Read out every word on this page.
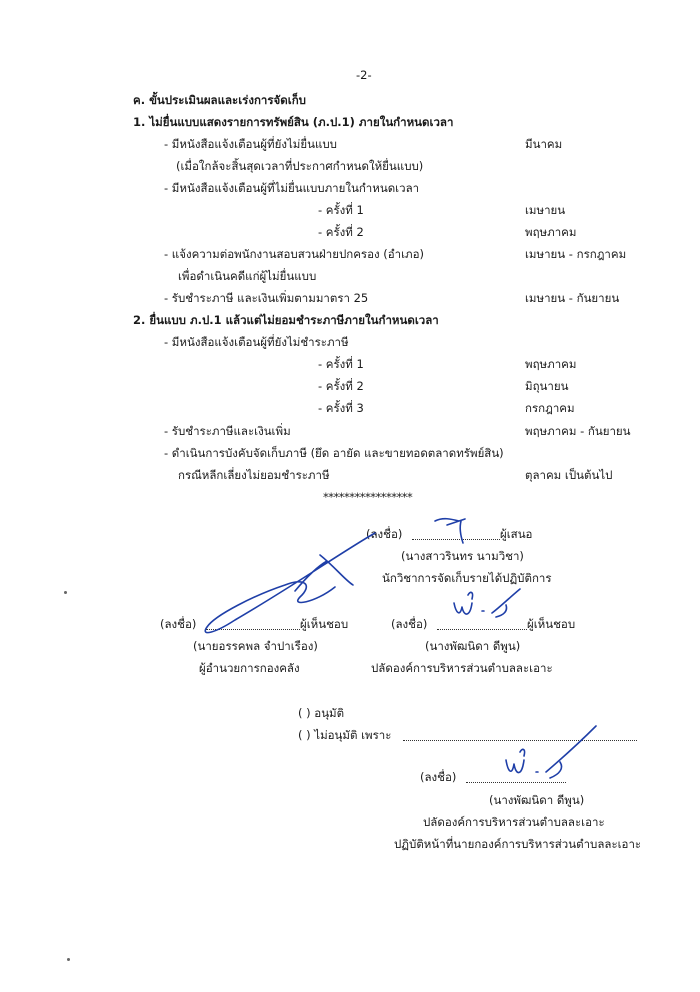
-2-
ค. ขั้นประเมินผลและเร่งการจัดเก็บ
1. ไม่ยื่นแบบแสดงรายการทรัพย์สิน (ภ.ป.1) ภายในกำหนดเวลา
- มีหนังสือแจ้งเตือนผู้ที่ยังไม่ยื่นแบบ	มีนาคม
(เมื่อใกล้จะสิ้นสุดเวลาที่ประกาศกำหนดให้ยื่นแบบ)
- มีหนังสือแจ้งเตือนผู้ที่ไม่ยื่นแบบภายในกำหนดเวลา
- ครั้งที่ 1	เมษายน
- ครั้งที่ 2	พฤษภาคม
- แจ้งความต่อพนักงานสอบสวนฝ่ายปกครอง (อำเภอ)	เมษายน - กรกฎาคม
เพื่อดำเนินคดีแก่ผู้ไม่ยื่นแบบ
- รับชำระภาษี และเงินเพิ่มตามมาตรา 25	เมษายน - กันยายน
2. ยื่นแบบ ภ.ป.1 แล้วแต่ไม่ยอมชำระภาษีภายในกำหนดเวลา
- มีหนังสือแจ้งเตือนผู้ที่ยังไม่ชำระภาษี
- ครั้งที่ 1	พฤษภาคม
- ครั้งที่ 2	มิถุนายน
- ครั้งที่ 3	กรกฎาคม
- รับชำระภาษีและเงินเพิ่ม	พฤษภาคม - กันยายน
- ดำเนินการบังคับจัดเก็บภาษี (ยึด อายัด และขายทอดตลาดทรัพย์สิน)
กรณีหลีกเลี่ยงไม่ยอมชำระภาษี	ตุลาคม เป็นต้นไป
*****************
(ลงชื่อ)	ผู้เสนอ
(นางสาวรินทร นามวิชา)
นักวิชาการจัดเก็บรายได้ปฏิบัติการ
(ลงชื่อ)	ผู้เห็นชอบ
(นายอรรคพล จำปาเรือง)
ผู้อำนวยการกองคลัง
(ลงชื่อ)	ผู้เห็นชอบ
(นางพัฒนิดา ดีพูน)
ปลัดองค์การบริหารส่วนตำบลละเอาะ
( ) อนุมัติ
( ) ไม่อนุมัติ เพราะ
(ลงชื่อ)
(นางพัฒนิดา ดีพูน)
ปลัดองค์การบริหารส่วนตำบลละเอาะ
ปฏิบัติหน้าที่นายกองค์การบริหารส่วนตำบลละเอาะ
